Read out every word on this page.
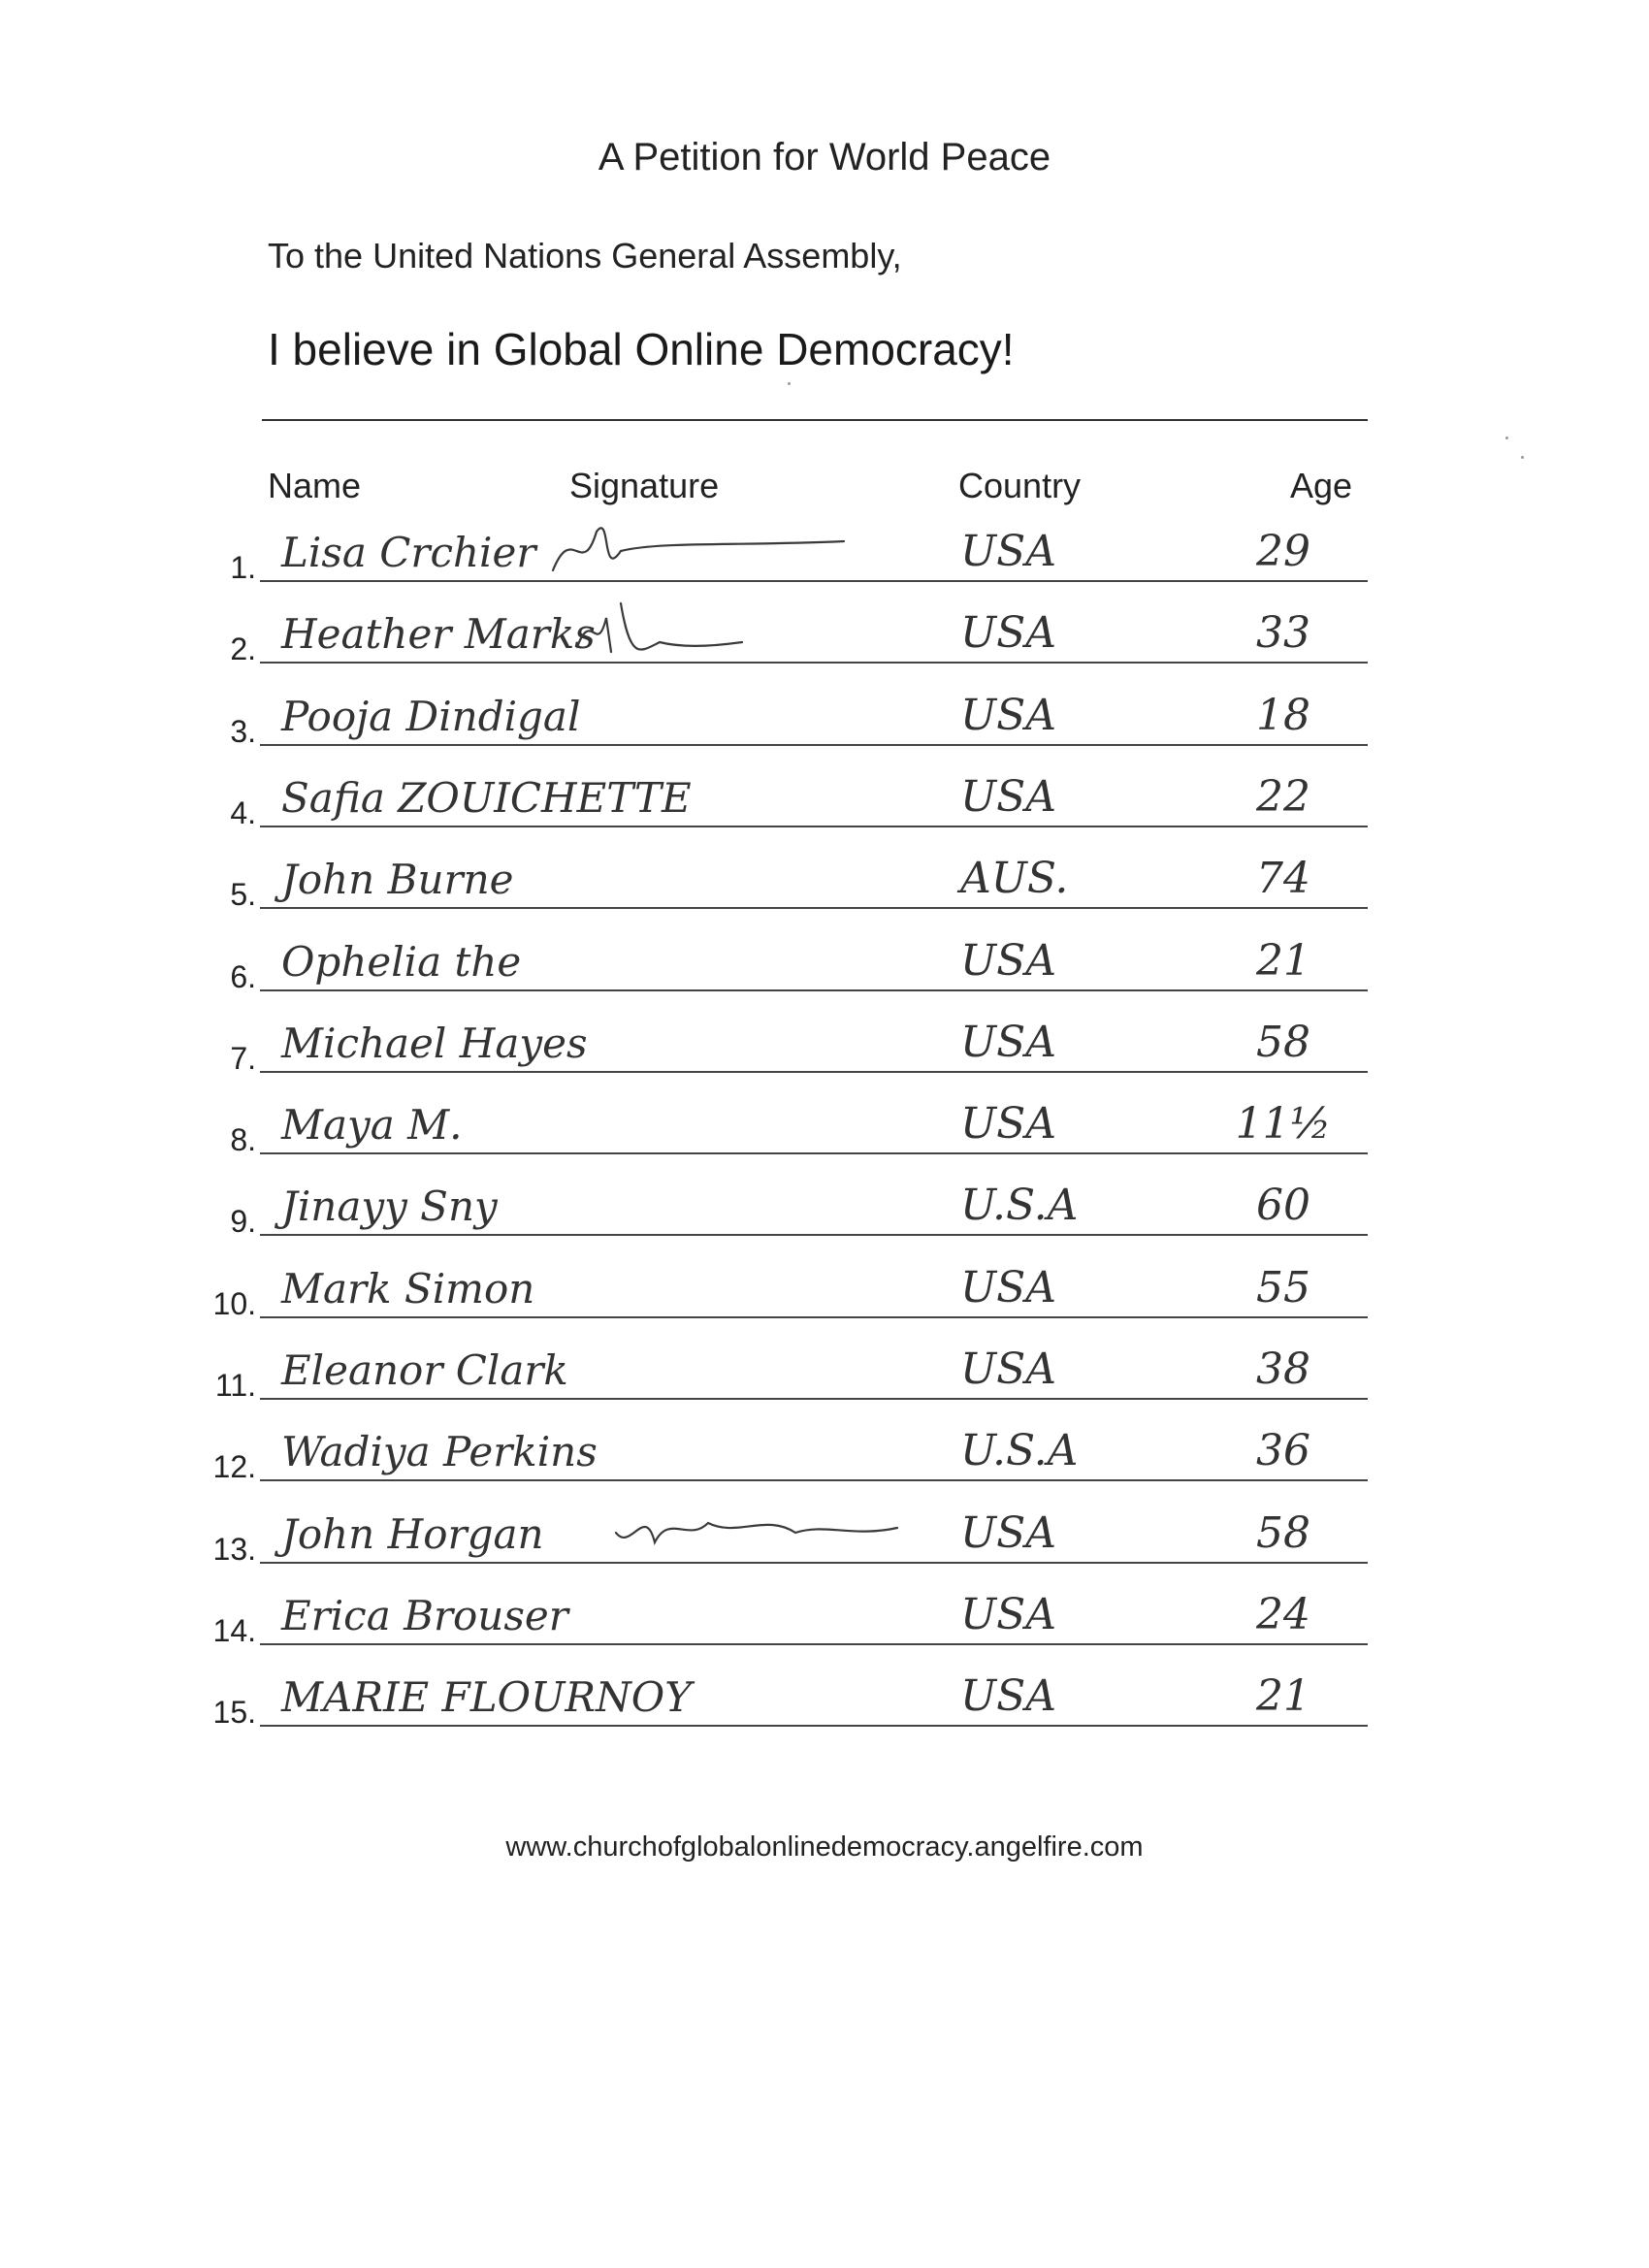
A Petition for World Peace
To the United Nations General Assembly,
I believe in Global Online Democracy!
Name	Signature	Country	Age
1. Lisa Crchier	USA	29
2. Heather Marks	USA	33
3. Pooja Dindigal	USA	18
4. Safia ZOUICHETTE	USA	22
5. John Burne	AUS.	74
6. Ophelia the	USA	21
7. Michael Hayes	USA	58
8. Maya M.	USA	11½
9. Jinayy Sny	U.S.A	60
10. Mark Simon	USA	55
11. Eleanor Clark	USA	38
12. Wadiya Perkins	U.S.A	36
13. John Horgan	USA	58
14. Erica Brouser	USA	24
15. MARIE FLOURNOY	USA	21
www.churchofglobalonlinedemocracy.angelfire.com
